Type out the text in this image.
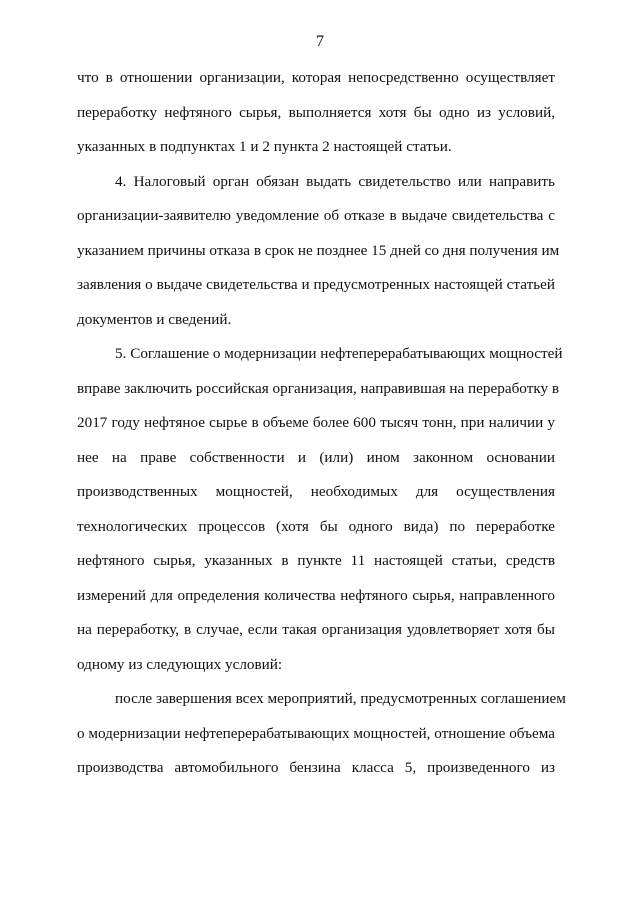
7
что в отношении организации, которая непосредственно осуществляет
переработку нефтяного сырья, выполняется хотя бы одно из условий,
указанных в подпунктах 1 и 2 пункта 2 настоящей статьи.
4. Налоговый орган обязан выдать свидетельство или направить
организации-заявителю уведомление об отказе в выдаче свидетельства с
указанием причины отказа в срок не позднее 15 дней со дня получения им
заявления о выдаче свидетельства и предусмотренных настоящей статьей
документов и сведений.
5. Соглашение о модернизации нефтеперерабатывающих мощностей
вправе заключить российская организация, направившая на переработку в
2017 году нефтяное сырье в объеме более 600 тысяч тонн, при наличии у
нее на праве собственности и (или) ином законном основании
производственных мощностей, необходимых для осуществления
технологических процессов (хотя бы одного вида) по переработке
нефтяного сырья, указанных в пункте 11 настоящей статьи, средств
измерений для определения количества нефтяного сырья, направленного
на переработку, в случае, если такая организация удовлетворяет хотя бы
одному из следующих условий:
после завершения всех мероприятий, предусмотренных соглашением
о модернизации нефтеперерабатывающих мощностей, отношение объема
производства автомобильного бензина класса 5, произведенного из
